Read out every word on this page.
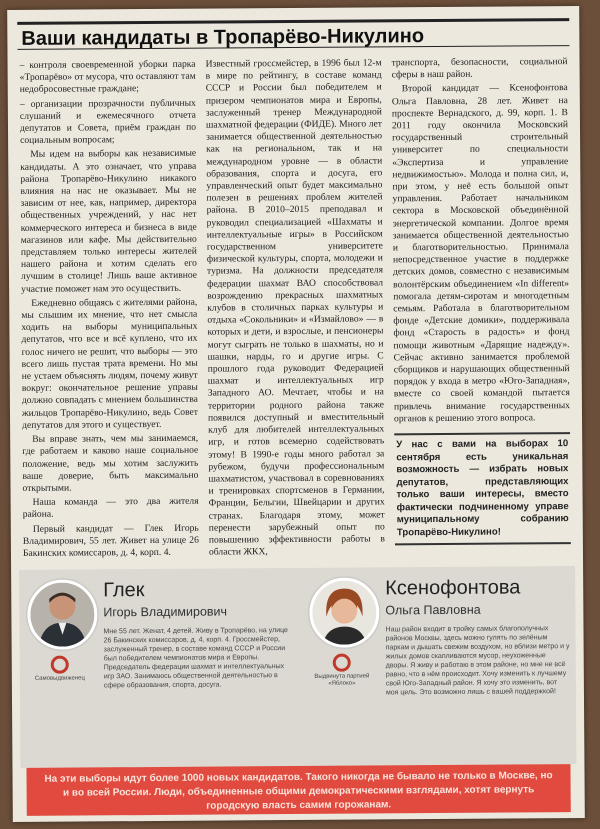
Ваши кандидаты в Тропарёво-Никулино

– контроля своевременной уборки парка «Тропарёво» от мусора, что оставляют там недобросовестные граждане;

– организации прозрачности публичных слушаний и ежемесячного отчета депутатов и Совета, приём граждан по социальным вопросам;

Мы идем на выборы как независимые кандидаты. А это означает, что управа района Тропарёво-Никулино никакого влияния на нас не оказывает. Мы не зависим от нее, как, например, директора общественных учреждений, у нас нет коммерческого интереса и бизнеса в виде магазинов или кафе. Мы действительно представляем только интересы жителей нашего района и хотим сделать его лучшим в столице! Лишь ваше активное участие поможет нам это осуществить.

Ежедневно общаясь с жителями района, мы слышим их мнение, что нет смысла ходить на выборы муниципальных депутатов, что все и всё куплено, что их голос ничего не решит, что выборы — это всего лишь пустая трата времени. Но мы не устаем объяснять людям, почему живут вокруг: окончательное решение управы должно совпадать с мнением большинства жильцов Тропарёво-Никулино, ведь Совет депутатов для этого и существует.

Вы вправе знать, чем мы занимаемся, где работаем и каково наше социальное положение, ведь мы хотим заслужить ваше доверие, быть максимально открытыми.

Наша команда — это два жителя района.

Первый кандидат — Глек Игорь Владимирович, 55 лет. Живет на улице 26 Бакинских комиссаров, д. 4, корп. 4.

Известный гроссмейстер, в 1996 был 12-м в мире по рейтингу, в составе команд СССР и России был победителем и призером чемпионатов мира и Европы, заслуженный тренер Международной шахматной федерации (ФИДЕ). Много лет занимается общественной деятельностью как на региональном, так и на международном уровне — в области образования, спорта и досуга, его управленческий опыт будет максимально полезен в решениях проблем жителей района. В 2010–2015 преподавал и руководил специализацией «Шахматы и интеллектуальные игры» в Российском государственном университете физической культуры, спорта, молодежи и туризма. На должности председателя федерации шахмат ВАО способствовал возрождению прекрасных шахматных клубов в столичных парках культуры и отдыха «Сокольники» и «Измайлово» — в которых и дети, и взрослые, и пенсионеры могут сыграть не только в шахматы, но и шашки, нарды, го и другие игры. С прошлого года руководит Федерацией шахмат и интеллектуальных игр Западного АО. Мечтает, чтобы и на территории родного района также появился доступный и вместительный клуб для любителей интеллектуальных игр, и готов всемерно содействовать этому! В 1990-е годы много работал за рубежом, будучи профессиональным шахматистом, участвовал в соревнованиях и тренировках спортсменов в Германии, Франции, Бельгии, Швейцарии и других странах. Благодаря этому, может перенести зарубежный опыт по повышению эффективности работы в области ЖКХ,

транспорта, безопасности, социальной сферы в наш район.

Второй кандидат — Ксенофонтова Ольга Павловна, 28 лет. Живет на проспекте Вернадского, д. 99, корп. 1. В 2011 году окончила Московский государственный строительный университет по специальности «Экспертиза и управление недвижимостью». Молода и полна сил, и, при этом, у неё есть большой опыт управления. Работает начальником сектора в Московской объединённой энергетической компании. Долгое время занимается общественной деятельностью и благотворительностью. Принимала непосредственное участие в поддержке детских домов, совместно с независимым волонтёрским объединением «In different» помогала детям-сиротам и многодетным семьям. Работала в благотворительном фонде «Детские домики», поддерживала фонд «Старость в радость» и фонд помощи животным «Дарящие надежду». Сейчас активно занимается проблемой сборщиков и нарушающих общественный порядок у входа в метро «Юго-Западная», вместе со своей командой пытается привлечь внимание государственных органов к решению этого вопроса.

У нас с вами на выборах 10 сентября есть уникальная возможность — избрать новых депутатов, представляющих только ваши интересы, вместо фактически подчиненному управе муниципальному собранию Тропарёво-Никулино!
Глек
Игорь Владимирович
Мне 55 лет. Женат, 4 детей. Живу в Тропарёво, на улице 26 Бакинских комиссаров, д. 4, корп. 4. Гроссмейстер, заслуженный тренер, в составе команд СССР и России был победителем чемпионатов мира и Европы. Председатель федерации шахмат и интеллектуальных игр ЗАО. Занимаюсь общественной деятельностью в сфере образования, спорта, досуга.
Самовыдвиженец
Ксенофонтова
Ольга Павловна
Наш район входит в тройку самых благополучных районов Москвы, здесь можно гулять по зелёным паркам и дышать свежим воздухом, но вблизи метро и у жилых домов скапливаются мусор, неухоженные дворы. Я живу и работаю в этом районе, но мне не всё равно, что в нём происходит. Хочу изменить к лучшему свой Юго-Западный район. Я хочу это изменить, вот моя цель. Это возможно лишь с вашей поддержкой!
Выдвинута партией «Яблоко»
На эти выборы идут более 1000 новых кандидатов. Такого никогда не бывало не только в Москве, но и во всей России. Люди, объединенные общими демократическими взглядами, хотят вернуть городскую власть самим горожанам.
